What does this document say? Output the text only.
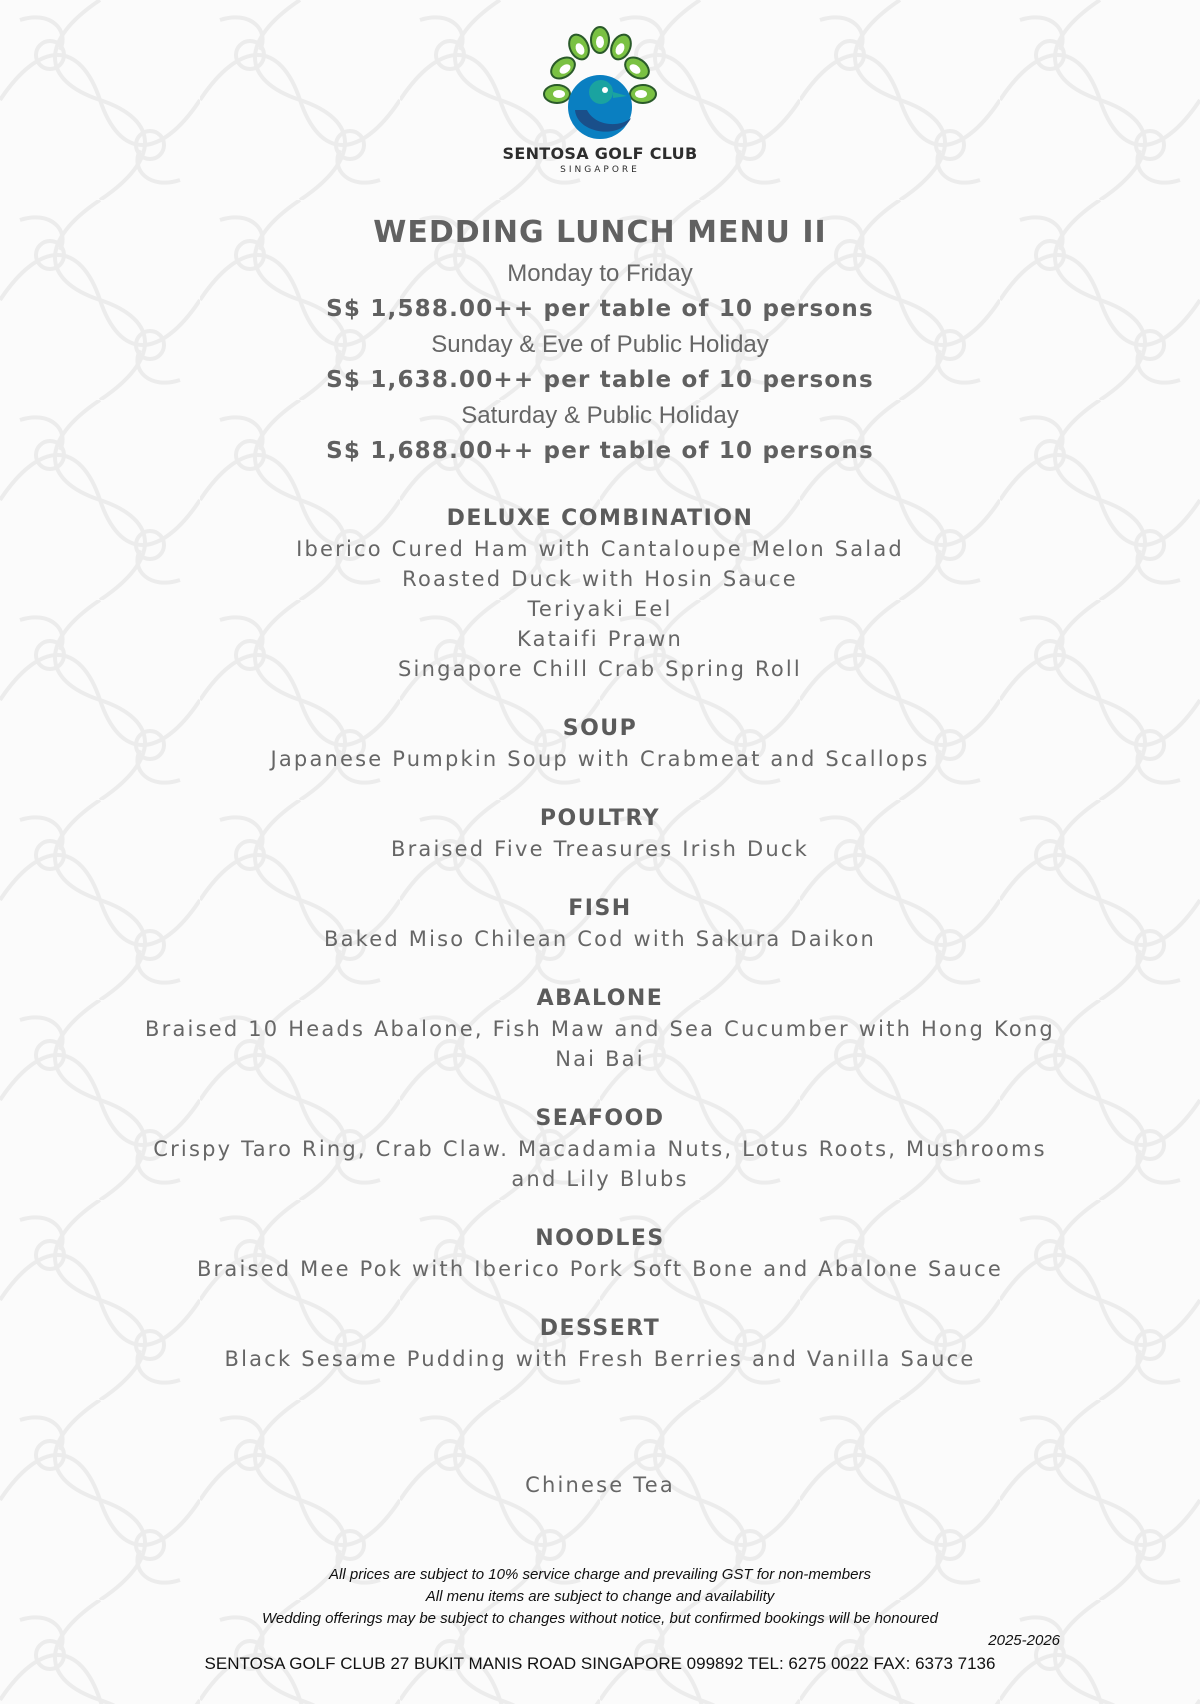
SENTOSA GOLF CLUB
SINGAPORE
WEDDING LUNCH MENU II
Monday to Friday
S$ 1,588.00++ per table of 10 persons
Sunday & Eve of Public Holiday
S$ 1,638.00++ per table of 10 persons
Saturday & Public Holiday
S$ 1,688.00++ per table of 10 persons
DELUXE COMBINATION
Iberico Cured Ham with Cantaloupe Melon Salad
Roasted Duck with Hosin Sauce
Teriyaki Eel
Kataifi Prawn
Singapore Chill Crab Spring Roll
SOUP
Japanese Pumpkin Soup with Crabmeat and Scallops
POULTRY
Braised Five Treasures Irish Duck
FISH
Baked Miso Chilean Cod with Sakura Daikon
ABALONE
Braised 10 Heads Abalone, Fish Maw and Sea Cucumber with Hong Kong
Nai Bai
SEAFOOD
Crispy Taro Ring, Crab Claw. Macadamia Nuts, Lotus Roots, Mushrooms
and Lily Blubs
NOODLES
Braised Mee Pok with Iberico Pork Soft Bone and Abalone Sauce
DESSERT
Black Sesame Pudding with Fresh Berries and Vanilla Sauce
Chinese Tea
All prices are subject to 10% service charge and prevailing GST for non-members
All menu items are subject to change and availability
Wedding offerings may be subject to changes without notice, but confirmed bookings will be honoured
2025-2026
SENTOSA GOLF CLUB 27 BUKIT MANIS ROAD SINGAPORE 099892 TEL: 6275 0022 FAX: 6373 7136
